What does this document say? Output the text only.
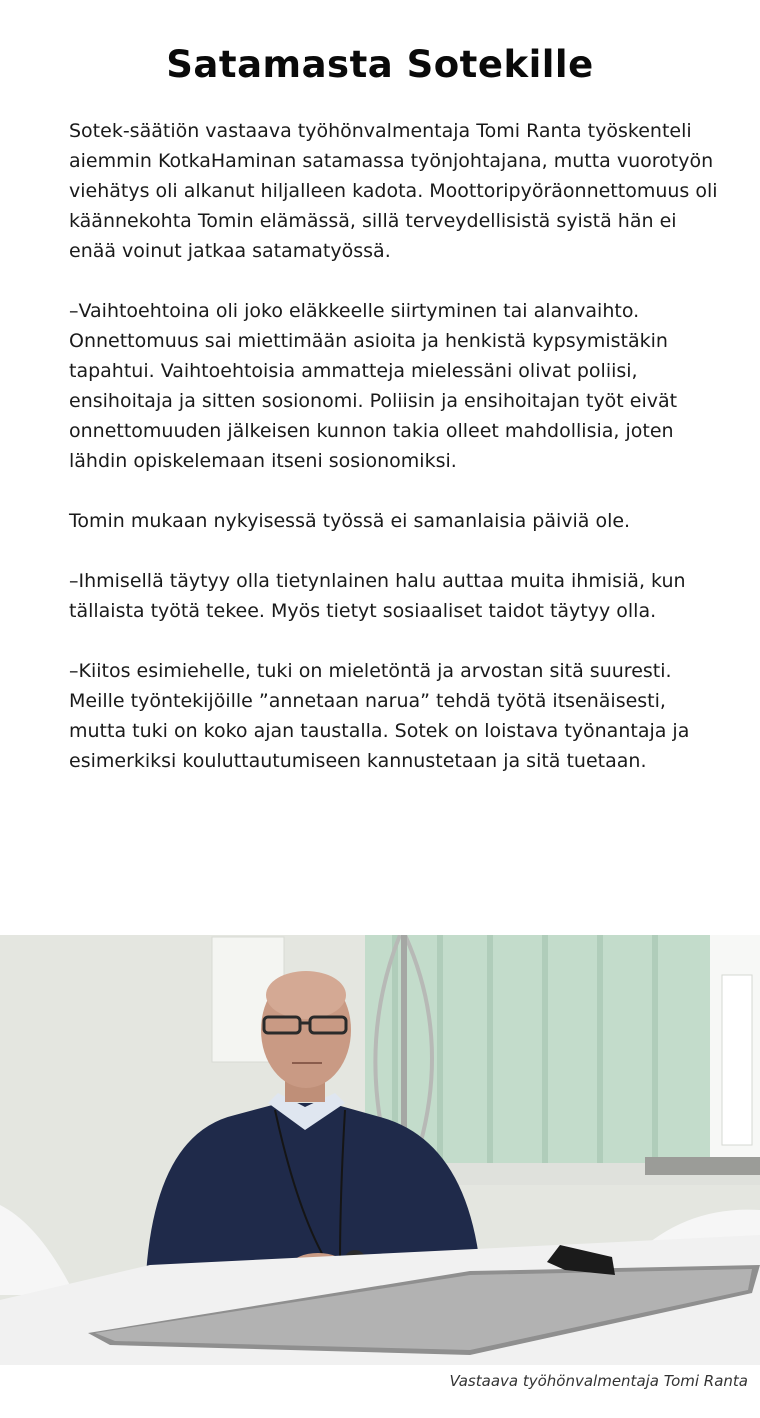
Satamasta Sotekille

Sotek-säätiön vastaava työhönvalmentaja Tomi Ranta työskenteli aiemmin KotkaHaminan satamassa työnjohtajana, mutta vuorotyön viehätys oli alkanut hiljalleen kadota. Moottoripyöräonnettomuus oli käännekohta Tomin elämässä, sillä terveydellisistä syistä hän ei enää voinut jatkaa satamatyössä.

–Vaihtoehtoina oli joko eläkkeelle siirtyminen tai alanvaihto. Onnettomuus sai miettimään asioita ja henkistä kypsymistäkin tapahtui. Vaihtoehtoisia ammatteja mielessäni olivat poliisi, ensihoitaja ja sitten sosionomi. Poliisin ja ensihoitajan työt eivät onnettomuuden jälkeisen kunnon takia olleet mahdollisia, joten lähdin opiskelemaan itseni sosionomiksi.

Tomin mukaan nykyisessä työssä ei samanlaisia päiviä ole.

–Ihmisellä täytyy olla tietynlainen halu auttaa muita ihmisiä, kun tällaista työtä tekee. Myös tietyt sosiaaliset taidot täytyy olla.

–Kiitos esimiehelle, tuki on mieletöntä ja arvostan sitä suuresti. Meille työntekijöille ”annetaan narua” tehdä työtä itsenäisesti, mutta tuki on koko ajan taustalla. Sotek on loistava työnantaja ja esimerkiksi kouluttautumiseen kannustetaan ja sitä tuetaan.

Vastaava työhönvalmentaja Tomi Ranta
